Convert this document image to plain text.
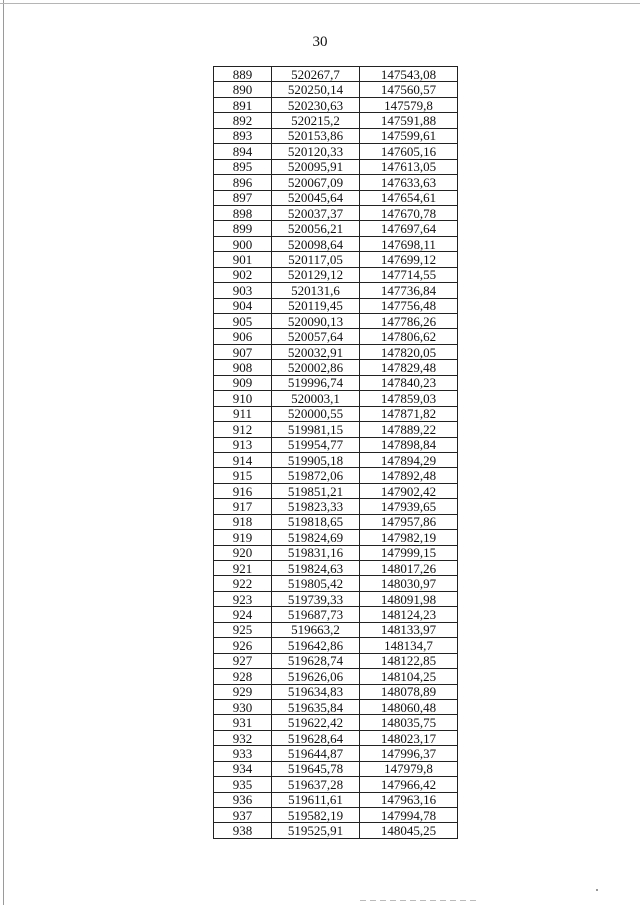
30
889	520267,7	147543,08
890	520250,14	147560,57
891	520230,63	147579,8
892	520215,2	147591,88
893	520153,86	147599,61
894	520120,33	147605,16
895	520095,91	147613,05
896	520067,09	147633,63
897	520045,64	147654,61
898	520037,37	147670,78
899	520056,21	147697,64
900	520098,64	147698,11
901	520117,05	147699,12
902	520129,12	147714,55
903	520131,6	147736,84
904	520119,45	147756,48
905	520090,13	147786,26
906	520057,64	147806,62
907	520032,91	147820,05
908	520002,86	147829,48
909	519996,74	147840,23
910	520003,1	147859,03
911	520000,55	147871,82
912	519981,15	147889,22
913	519954,77	147898,84
914	519905,18	147894,29
915	519872,06	147892,48
916	519851,21	147902,42
917	519823,33	147939,65
918	519818,65	147957,86
919	519824,69	147982,19
920	519831,16	147999,15
921	519824,63	148017,26
922	519805,42	148030,97
923	519739,33	148091,98
924	519687,73	148124,23
925	519663,2	148133,97
926	519642,86	148134,7
927	519628,74	148122,85
928	519626,06	148104,25
929	519634,83	148078,89
930	519635,84	148060,48
931	519622,42	148035,75
932	519628,64	148023,17
933	519644,87	147996,37
934	519645,78	147979,8
935	519637,28	147966,42
936	519611,61	147963,16
937	519582,19	147994,78
938	519525,91	148045,25
